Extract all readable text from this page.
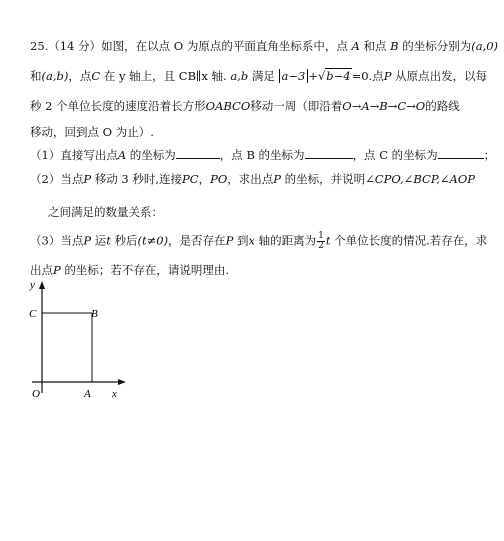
25.（14 分）如图，在以点 O 为原点的平面直角坐标系中，点 A 和点 B 的坐标分别为(a,0)
和(a,b)，点C 在 y 轴上，且 CB∥x 轴. a,b 满足 a−3 +√b−4=0.点P 从原点出发，以每
秒 2 个单位长度的速度沿着长方形OABCO移动一周（即沿着O→A→B→C→O的路线
移动，回到点 O 为止）.
（1）直接写出点A 的坐标为	，点 B 的坐标为	，点 C 的坐标为	；
（2）当点P 移动 3 秒时,连接PC，PO，求出点P 的坐标，并说明∠CPO,∠BCP,∠AOP
之间满足的数量关系：
（3）当点P 运t 秒后(t≠0)，是否存在P 到x 轴的距离为 $\frac{1}{2}$ t 个单位长度的情况.若存在，求
出点P 的坐标；若不存在，请说明理由.
y
x
O	A
B
C
